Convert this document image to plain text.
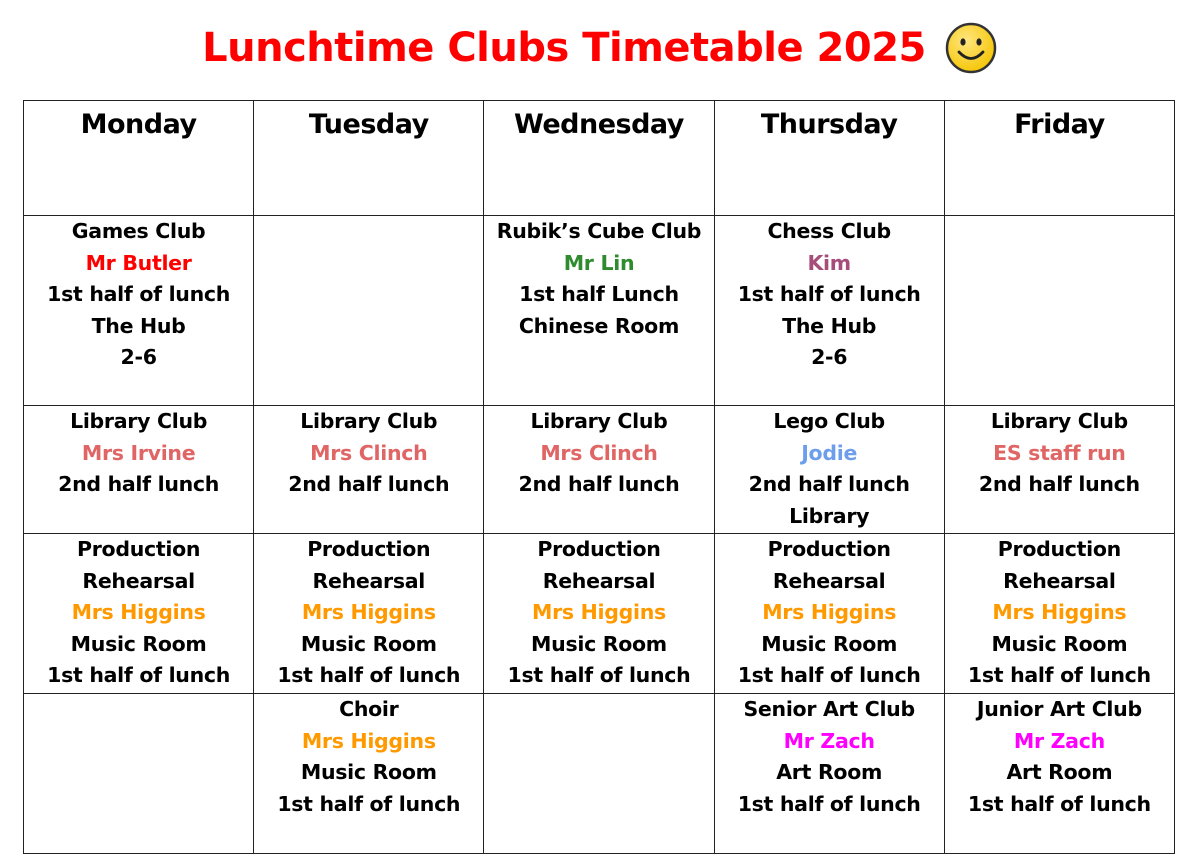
Lunchtime Clubs Timetable 2025
Monday	Tuesday	Wednesday	Thursday	Friday

Games Club
Mr Butler
1st half of lunch
The Hub
2-6		Rubik’s Cube Club
Mr Lin
1st half Lunch
Chinese Room	Chess Club
Kim
1st half of lunch
The Hub
2-6	

Library Club
Mrs Irvine
2nd half lunch	Library Club
Mrs Clinch
2nd half lunch	Library Club
Mrs Clinch
2nd half lunch	Lego Club
Jodie
2nd half lunch
Library	Library Club
ES staff run
2nd half lunch

Production
Rehearsal
Mrs Higgins
Music Room
1st half of lunch	Production
Rehearsal
Mrs Higgins
Music Room
1st half of lunch	Production
Rehearsal
Mrs Higgins
Music Room
1st half of lunch	Production
Rehearsal
Mrs Higgins
Music Room
1st half of lunch	Production
Rehearsal
Mrs Higgins
Music Room
1st half of lunch

	Choir
Mrs Higgins
Music Room
1st half of lunch		Senior Art Club
Mr Zach
Art Room
1st half of lunch	Junior Art Club
Mr Zach
Art Room
1st half of lunch
